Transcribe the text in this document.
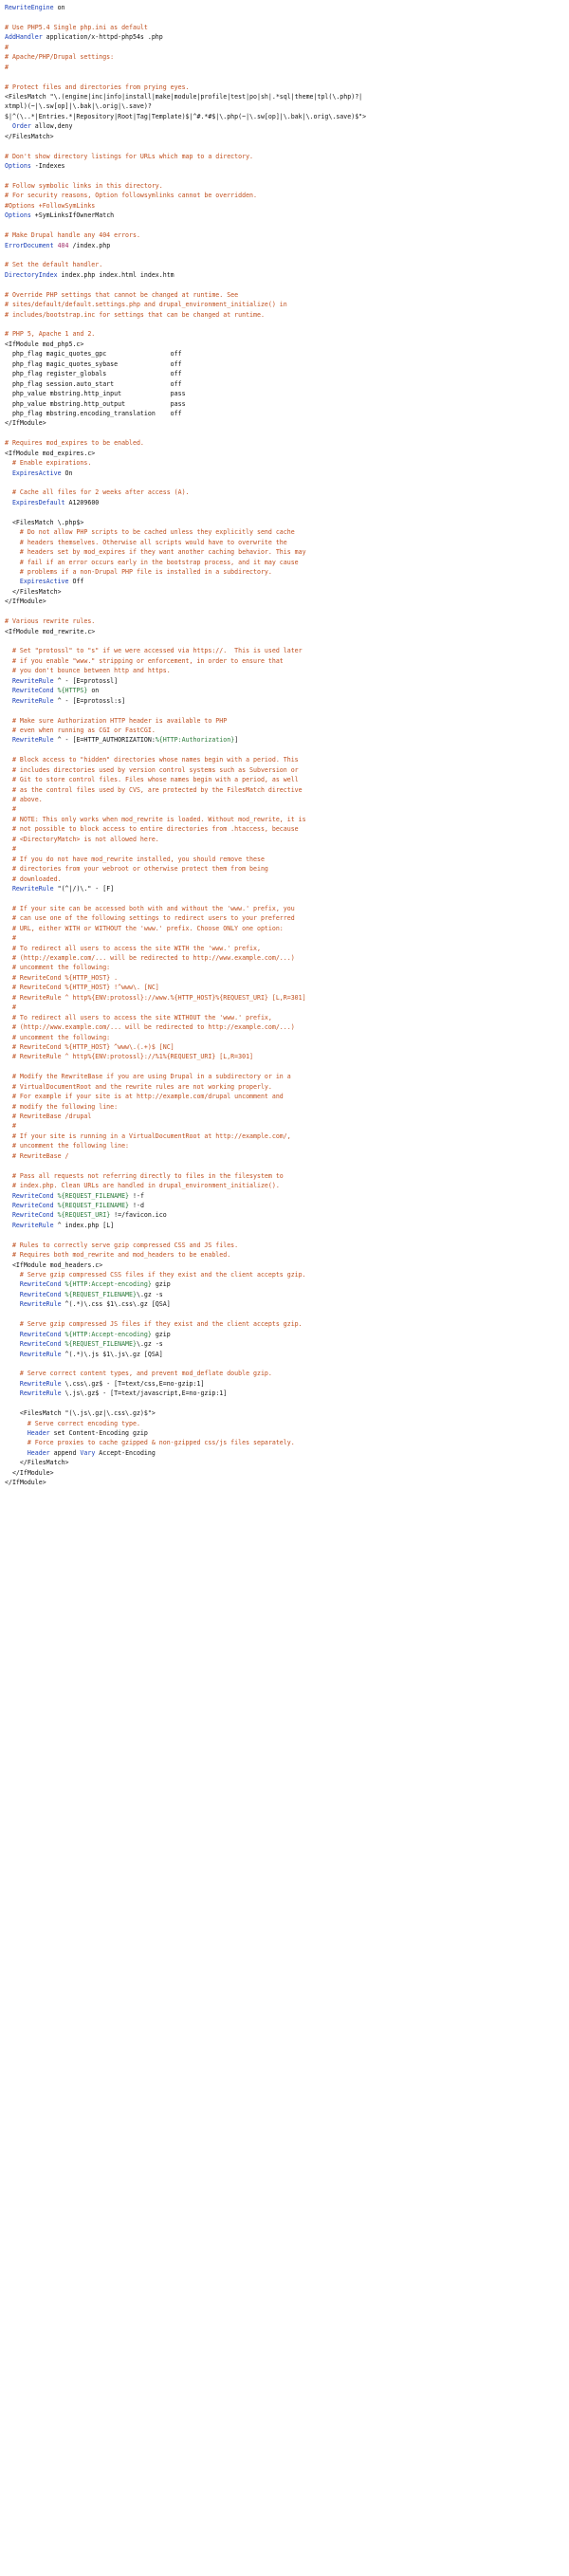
RewriteEngine on

# Use PHP5.4 Single php.ini as default
AddHandler application/x-httpd-php54s .php
#
# Apache/PHP/Drupal settings:
#

# Protect files and directories from prying eyes.
<FilesMatch "\.(engine|inc|info|install|make|module|profile|test|po|sh|.*sql|theme|tpl(\.php)?|
xtmpl)(~|\.sw[op]|\.bak|\.orig|\.save)?
$|^(\..*|Entries.*|Repository|Root|Tag|Template)$|^#.*#$|\.php(~|\.sw[op]|\.bak|\.orig\.save)$">
Order allow,deny
</FilesMatch>

# Don't show directory listings for URLs which map to a directory.
Options -Indexes

# Follow symbolic links in this directory.
# For security reasons, Option followsymlinks cannot be overridden.
#Options +FollowSymLinks
Options +SymLinksIfOwnerMatch

# Make Drupal handle any 404 errors.
ErrorDocument 404 /index.php

# Set the default handler.
DirectoryIndex index.php index.html index.htm

# Override PHP settings that cannot be changed at runtime. See
# sites/default/default.settings.php and drupal_environment_initialize() in
# includes/bootstrap.inc for settings that can be changed at runtime.

# PHP 5, Apache 1 and 2.
<IfModule mod_php5.c>
php_flag magic_quotes_gpc                 off
php_flag magic_quotes_sybase              off
php_flag register_globals                 off
php_flag session.auto_start               off
php_value mbstring.http_input             pass
php_value mbstring.http_output            pass
php_flag mbstring.encoding_translation    off
</IfModule>

# Requires mod_expires to be enabled.
<IfModule mod_expires.c>
# Enable expirations.
ExpiresActive On

# Cache all files for 2 weeks after access (A).
ExpiresDefault A1209600

<FilesMatch \.php$>
# Do not allow PHP scripts to be cached unless they explicitly send cache
# headers themselves. Otherwise all scripts would have to overwrite the
# headers set by mod_expires if they want another caching behavior. This may
# fail if an error occurs early in the bootstrap process, and it may cause
# problems if a non-Drupal PHP file is installed in a subdirectory.
ExpiresActive Off
</FilesMatch>
</IfModule>

# Various rewrite rules.
<IfModule mod_rewrite.c>

# Set "protossl" to "s" if we were accessed via https://.  This is used later
# if you enable "www." stripping or enforcement, in order to ensure that
# you don't bounce between http and https.
RewriteRule ^ - [E=protossl]
RewriteCond %{HTTPS} on
RewriteRule ^ - [E=protossl:s]

# Make sure Authorization HTTP header is available to PHP
# even when running as CGI or FastCGI.
RewriteRule ^ - [E=HTTP_AUTHORIZATION:%{HTTP:Authorization}]

# Block access to "hidden" directories whose names begin with a period. This
# includes directories used by version control systems such as Subversion or
# Git to store control files. Files whose names begin with a period, as well
# as the control files used by CVS, are protected by the FilesMatch directive
# above.
#
# NOTE: This only works when mod_rewrite is loaded. Without mod_rewrite, it is
# not possible to block access to entire directories from .htaccess, because
# <DirectoryMatch> is not allowed here.
#
# If you do not have mod_rewrite installed, you should remove these
# directories from your webroot or otherwise protect them from being
# downloaded.
RewriteRule "(^|/)\." - [F]

# If your site can be accessed both with and without the 'www.' prefix, you
# can use one of the following settings to redirect users to your preferred
# URL, either WITH or WITHOUT the 'www.' prefix. Choose ONLY one option:
#
# To redirect all users to access the site WITH the 'www.' prefix,
# (http://example.com/... will be redirected to http://www.example.com/...)
# uncomment the following:
# RewriteCond %{HTTP_HOST} .
# RewriteCond %{HTTP_HOST} !^www\. [NC]
# RewriteRule ^ http%{ENV:protossl}://www.%{HTTP_HOST}%{REQUEST_URI} [L,R=301]
#
# To redirect all users to access the site WITHOUT the 'www.' prefix,
# (http://www.example.com/... will be redirected to http://example.com/...)
# uncomment the following:
# RewriteCond %{HTTP_HOST} ^www\.(.+)$ [NC]
# RewriteRule ^ http%{ENV:protossl}://%1%{REQUEST_URI} [L,R=301]

# Modify the RewriteBase if you are using Drupal in a subdirectory or in a
# VirtualDocumentRoot and the rewrite rules are not working properly.
# For example if your site is at http://example.com/drupal uncomment and
# modify the following line:
# RewriteBase /drupal
#
# If your site is running in a VirtualDocumentRoot at http://example.com/,
# uncomment the following line:
# RewriteBase /

# Pass all requests not referring directly to files in the filesystem to
# index.php. Clean URLs are handled in drupal_environment_initialize().
RewriteCond %{REQUEST_FILENAME} !-f
RewriteCond %{REQUEST_FILENAME} !-d
RewriteCond %{REQUEST_URI} !=/favicon.ico
RewriteRule ^ index.php [L]

# Rules to correctly serve gzip compressed CSS and JS files.
# Requires both mod_rewrite and mod_headers to be enabled.
<IfModule mod_headers.c>
# Serve gzip compressed CSS files if they exist and the client accepts gzip.
RewriteCond %{HTTP:Accept-encoding} gzip
RewriteCond %{REQUEST_FILENAME}\.gz -s
RewriteRule ^(.*)\.css $1\.css\.gz [QSA]

# Serve gzip compressed JS files if they exist and the client accepts gzip.
RewriteCond %{HTTP:Accept-encoding} gzip
RewriteCond %{REQUEST_FILENAME}\.gz -s
RewriteRule ^(.*)\.js $1\.js\.gz [QSA]

# Serve correct content types, and prevent mod_deflate double gzip.
RewriteRule \.css\.gz$ - [T=text/css,E=no-gzip:1]
RewriteRule \.js\.gz$ - [T=text/javascript,E=no-gzip:1]

<FilesMatch "(\.js\.gz|\.css\.gz)$">
# Serve correct encoding type.
Header set Content-Encoding gzip
# Force proxies to cache gzipped & non-gzipped css/js files separately.
Header append Vary Accept-Encoding
</FilesMatch>
</IfModule>
</IfModule>
